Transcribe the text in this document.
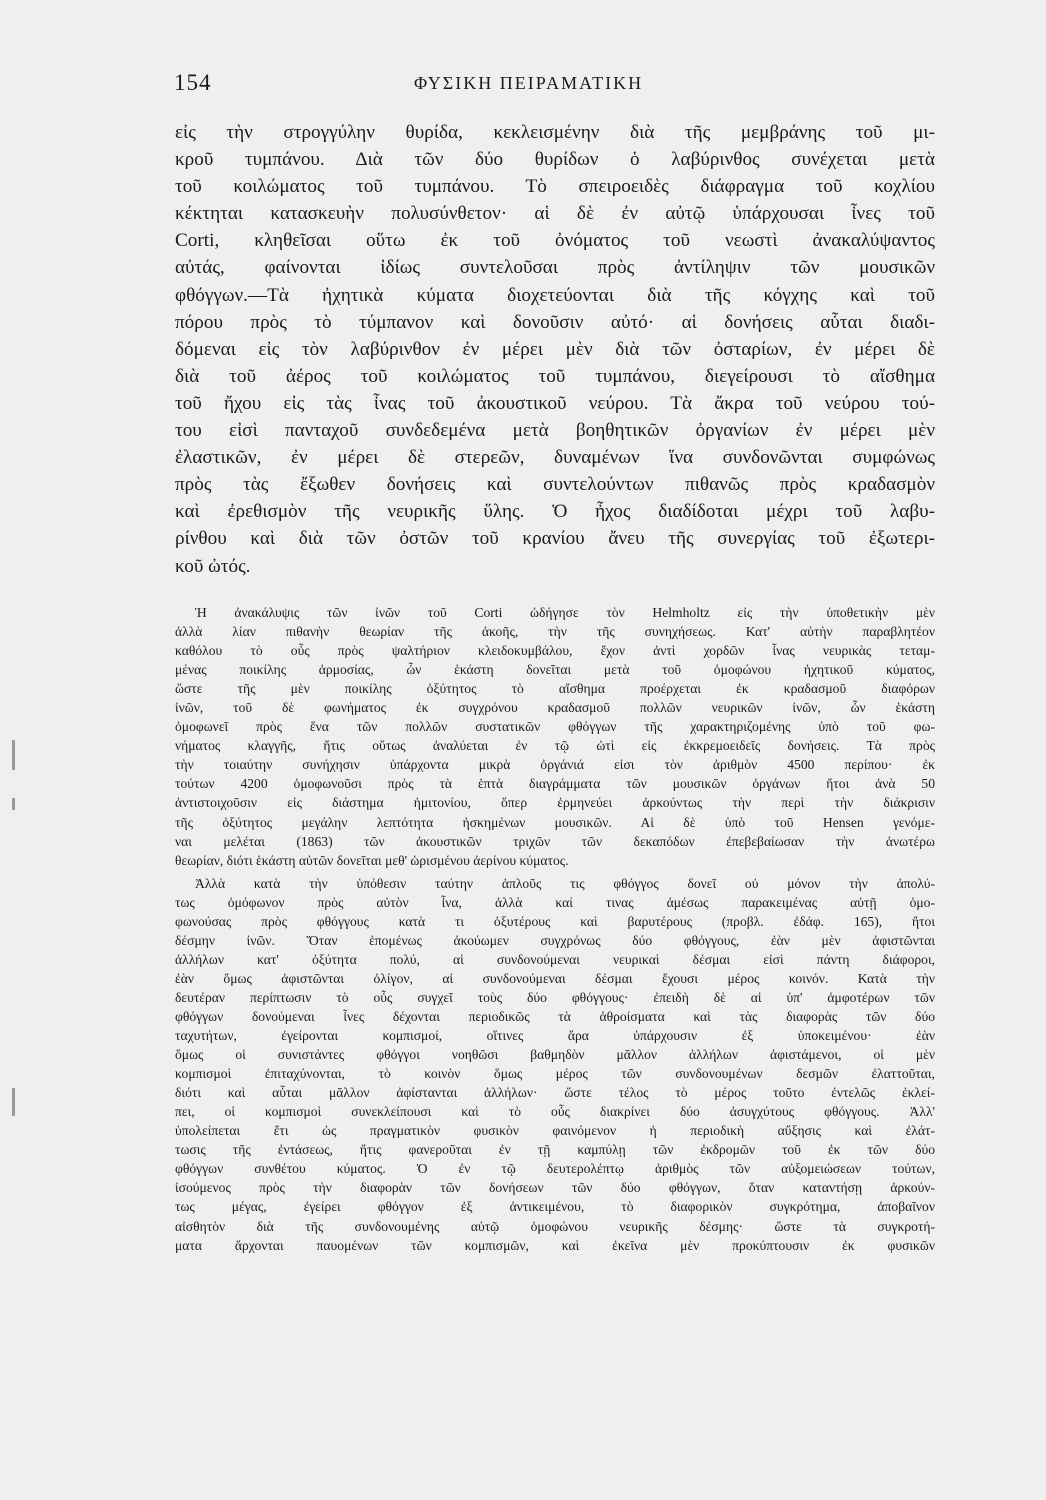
154	ΦΥΣΙΚΗ ΠΕΙΡΑΜΑΤΙΚΗ
εἰς τὴν στρογγύλην θυρίδα, κεκλεισμένην διὰ τῆς μεμβράνης τοῦ μι-
κροῦ τυμπάνου. Διὰ τῶν δύο θυρίδων ὁ λαβύρινθος συνέχεται μετὰ
τοῦ κοιλώματος τοῦ τυμπάνου. Τὸ σπειροειδὲς διάφραγμα τοῦ κοχλίου
κέκτηται κατασκευὴν πολυσύνθετον· αἱ δὲ ἐν αὐτῷ ὑπάρχουσαι ἶνες τοῦ
Corti, κληθεῖσαι οὕτω ἐκ τοῦ ὀνόματος τοῦ νεωστὶ ἀνακαλύψαντος
αὐτάς, φαίνονται ἰδίως συντελοῦσαι πρὸς ἀντίληψιν τῶν μουσικῶν
φθόγγων.—Τὰ ἠχητικὰ κύματα διοχετεύονται διὰ τῆς κόγχης καὶ τοῦ
πόρου πρὸς τὸ τύμπανον καὶ δονοῦσιν αὐτό· αἱ δονήσεις αὗται διαδι-
δόμεναι εἰς τὸν λαβύρινθον ἐν μέρει μὲν διὰ τῶν ὀσταρίων, ἐν μέρει δὲ
διὰ τοῦ ἀέρος τοῦ κοιλώματος τοῦ τυμπάνου, διεγείρουσι τὸ αἴσθημα
τοῦ ἤχου εἰς τὰς ἶνας τοῦ ἀκουστικοῦ νεύρου. Τὰ ἄκρα τοῦ νεύρου τού-
του εἰσὶ πανταχοῦ συνδεδεμένα μετὰ βοηθητικῶν ὀργανίων ἐν μέρει μὲν
ἐλαστικῶν, ἐν μέρει δὲ στερεῶν, δυναμένων ἵνα συνδονῶνται συμφώνως
πρὸς τὰς ἔξωθεν δονήσεις καὶ συντελούντων πιθανῶς πρὸς κραδασμὸν
καὶ ἐρεθισμὸν τῆς νευρικῆς ὕλης. Ὁ ἦχος διαδίδοται μέχρι τοῦ λαβυ-
ρίνθου καὶ διὰ τῶν ὀστῶν τοῦ κρανίου ἄνευ τῆς συνεργίας τοῦ ἐξωτερι-
κοῦ ὠτός.
Ἡ ἀνακάλυψις τῶν ἰνῶν τοῦ Corti ὡδήγησε τὸν Helmholtz εἰς τὴν ὑποθετικὴν μὲν
ἀλλὰ λίαν πιθανὴν θεωρίαν τῆς ἀκοῆς, τὴν τῆς συνηχήσεως. Κατ' αὐτὴν παραβλητέον
καθόλου τὸ οὖς πρὸς ψαλτήριον κλειδοκυμβάλου, ἔχον ἀντὶ χορδῶν ἶνας νευρικὰς τεταμ-
μένας ποικίλης ἁρμοσίας, ὧν ἑκάστη δονεῖται μετὰ τοῦ ὁμοφώνου ἠχητικοῦ κύματος,
ὥστε τῆς μὲν ποικίλης ὀξύτητος τὸ αἴσθημα προέρχεται ἐκ κραδασμοῦ διαφόρων
ἰνῶν, τοῦ δὲ φωνήματος ἐκ συγχρόνου κραδασμοῦ πολλῶν νευρικῶν ἰνῶν, ὧν ἑκάστη
ὁμοφωνεῖ πρὸς ἕνα τῶν πολλῶν συστατικῶν φθόγγων τῆς χαρακτηριζομένης ὑπὸ τοῦ φω-
νήματος κλαγγῆς, ἥτις οὕτως ἀναλύεται ἐν τῷ ὠτὶ εἰς ἐκκρεμοειδεῖς δονήσεις. Τὰ πρὸς
τὴν τοιαύτην συνήχησιν ὑπάρχοντα μικρὰ ὀργάνιά εἰσι τὸν ἀριθμὸν 4500 περίπου· ἐκ
τούτων 4200 ὁμοφωνοῦσι πρὸς τὰ ἑπτὰ διαγράμματα τῶν μουσικῶν ὀργάνων ἤτοι ἀνὰ 50
ἀντιστοιχοῦσιν εἰς διάστημα ἡμιτονίου, ὅπερ ἑρμηνεύει ἀρκούντως τὴν περὶ τὴν διάκρισιν
τῆς ὀξύτητος μεγάλην λεπτότητα ἠσκημένων μουσικῶν. Αἱ δὲ ὑπὸ τοῦ Hensen γενόμε-
ναι μελέται (1863) τῶν ἀκουστικῶν τριχῶν τῶν δεκαπόδων ἐπεβεβαίωσαν τὴν ἀνωτέρω
θεωρίαν, διότι ἑκάστη αὐτῶν δονεῖται μεθ' ὡρισμένου ἀερίνου κύματος.
Ἀλλὰ κατὰ τὴν ὑπόθεσιν ταύτην ἁπλοῦς τις φθόγγος δονεῖ οὐ μόνον τὴν ἀπολύ-
τως ὁμόφωνον πρὸς αὐτὸν ἶνα, ἀλλὰ καί τινας ἀμέσως παρακειμένας αὐτῇ ὁμο-
φωνούσας πρὸς φθόγγους κατὰ τι ὀξυτέρους καὶ βαρυτέρους (προβλ. ἐδάφ. 165), ἤτοι
δέσμην ἰνῶν. Ὅταν ἑπομένως ἀκούωμεν συγχρόνως δύο φθόγγους, ἐὰν μὲν ἀφιστῶνται
ἀλλήλων κατ' ὀξύτητα πολύ, αἱ συνδονούμεναι νευρικαὶ δέσμαι εἰσὶ πάντη διάφοροι,
ἐὰν ὅμως ἀφιστῶνται ὀλίγον, αἱ συνδονούμεναι δέσμαι ἔχουσι μέρος κοινόν. Κατὰ τὴν
δευτέραν περίπτωσιν τὸ οὖς συγχεῖ τοὺς δύο φθόγγους· ἐπειδὴ δὲ αἱ ὑπ' ἀμφοτέρων τῶν
φθόγγων δονούμεναι ἶνες δέχονται περιοδικῶς τὰ ἀθροίσματα καὶ τὰς διαφορὰς τῶν δύο
ταχυτήτων, ἐγείρονται κομπισμοί, οἵτινες ἄρα ὑπάρχουσιν ἐξ ὑποκειμένου· ἐὰν
ὅμως οἱ συνιστάντες φθόγγοι νοηθῶσι βαθμηδὸν μᾶλλον ἀλλήλων ἀφιστάμενοι, οἱ μὲν
κομπισμοὶ ἐπιταχύνονται, τὸ κοινὸν ὅμως μέρος τῶν συνδονουμένων δεσμῶν ἐλαττοῦται,
διότι καὶ αὗται μᾶλλον ἀφίστανται ἀλλήλων· ὥστε τέλος τὸ μέρος τοῦτο ἐντελῶς ἐκλεί-
πει, οἱ κομπισμοὶ συνεκλείπουσι καὶ τὸ οὖς διακρίνει δύο ἀσυγχύτους φθόγγους. Ἀλλ'
ὑπολείπεται ἔτι ὡς πραγματικὸν φυσικὸν φαινόμενον ἡ περιοδικὴ αὔξησις καὶ ἐλάτ-
τωσις τῆς ἐντάσεως, ἥτις φανεροῦται ἐν τῇ καμπύλῃ τῶν ἐκδρομῶν τοῦ ἐκ τῶν δύο
φθόγγων συνθέτου κύματος. Ὁ ἐν τῷ δευτερολέπτῳ ἀριθμὸς τῶν αὐξομειώσεων τούτων,
ἰσούμενος πρὸς τὴν διαφορὰν τῶν δονήσεων τῶν δύο φθόγγων, ὅταν καταντήσῃ ἀρκούν-
τως μέγας, ἐγείρει φθόγγον ἐξ ἀντικειμένου, τὸ διαφορικὸν συγκρότημα, ἀποβαῖνον
αἰσθητὸν διὰ τῆς συνδονουμένης αὐτῷ ὁμοφώνου νευρικῆς δέσμης· ὥστε τὰ συγκροτή-
ματα ἄρχονται παυομένων τῶν κομπισμῶν, καὶ ἐκεῖνα μὲν προκύπτουσιν ἐκ φυσικῶν
